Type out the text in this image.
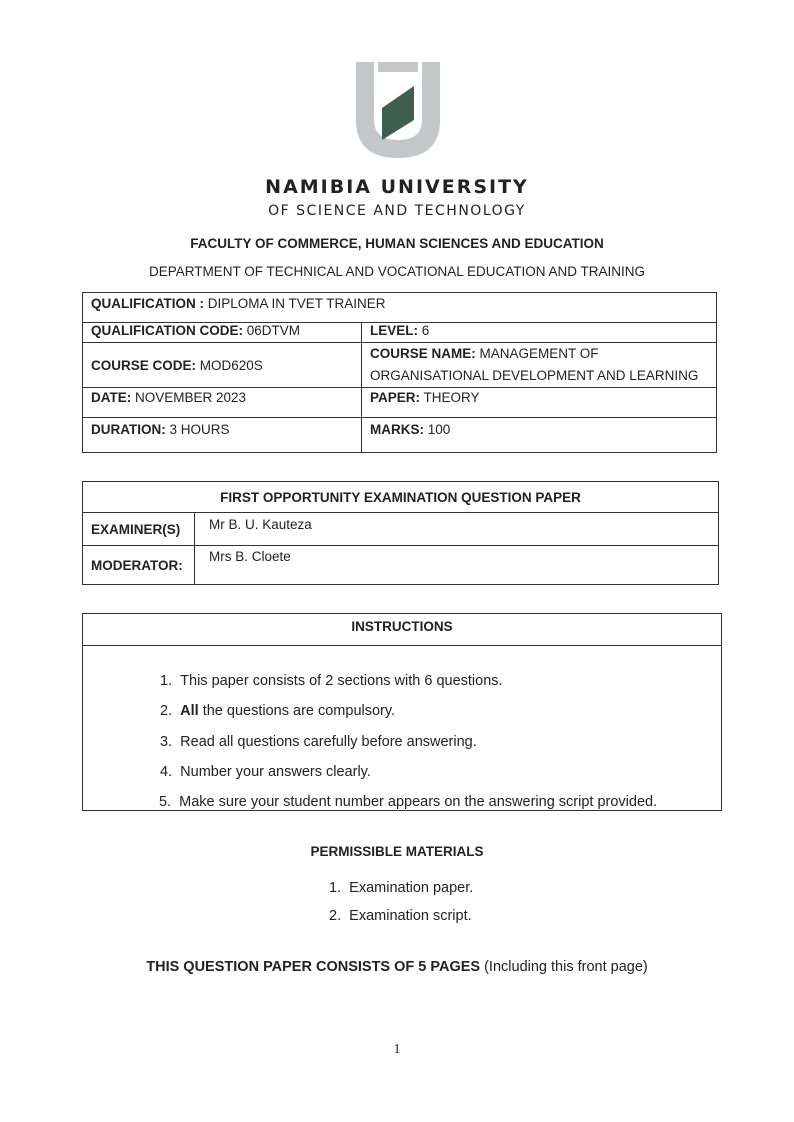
NAMIBIA UNIVERSITY
OF SCIENCE AND TECHNOLOGY
FACULTY OF COMMERCE, HUMAN SCIENCES AND EDUCATION
DEPARTMENT OF TECHNICAL AND VOCATIONAL EDUCATION AND TRAINING
QUALIFICATION : DIPLOMA IN TVET TRAINER	
QUALIFICATION CODE: 06DTVM	LEVEL: 6
COURSE CODE: MOD620S	COURSE NAME: MANAGEMENT OF
ORGANISATIONAL DEVELOPMENT AND LEARNING
DATE: NOVEMBER 2023	PAPER: THEORY
DURATION: 3 HOURS	MARKS: 100
FIRST OPPORTUNITY EXAMINATION QUESTION PAPER	
EXAMINER(S)	Mr B. U. Kauteza
MODERATOR:	Mrs B. Cloete
INSTRUCTIONS
1. This paper consists of 2 sections with 6 questions.
2. All the questions are compulsory.
3. Read all questions carefully before answering.
4. Number your answers clearly.
5. Make sure your student number appears on the answering script provided.
PERMISSIBLE MATERIALS
1. Examination paper.
2. Examination script.
THIS QUESTION PAPER CONSISTS OF 5 PAGES (Including this front page)
1
